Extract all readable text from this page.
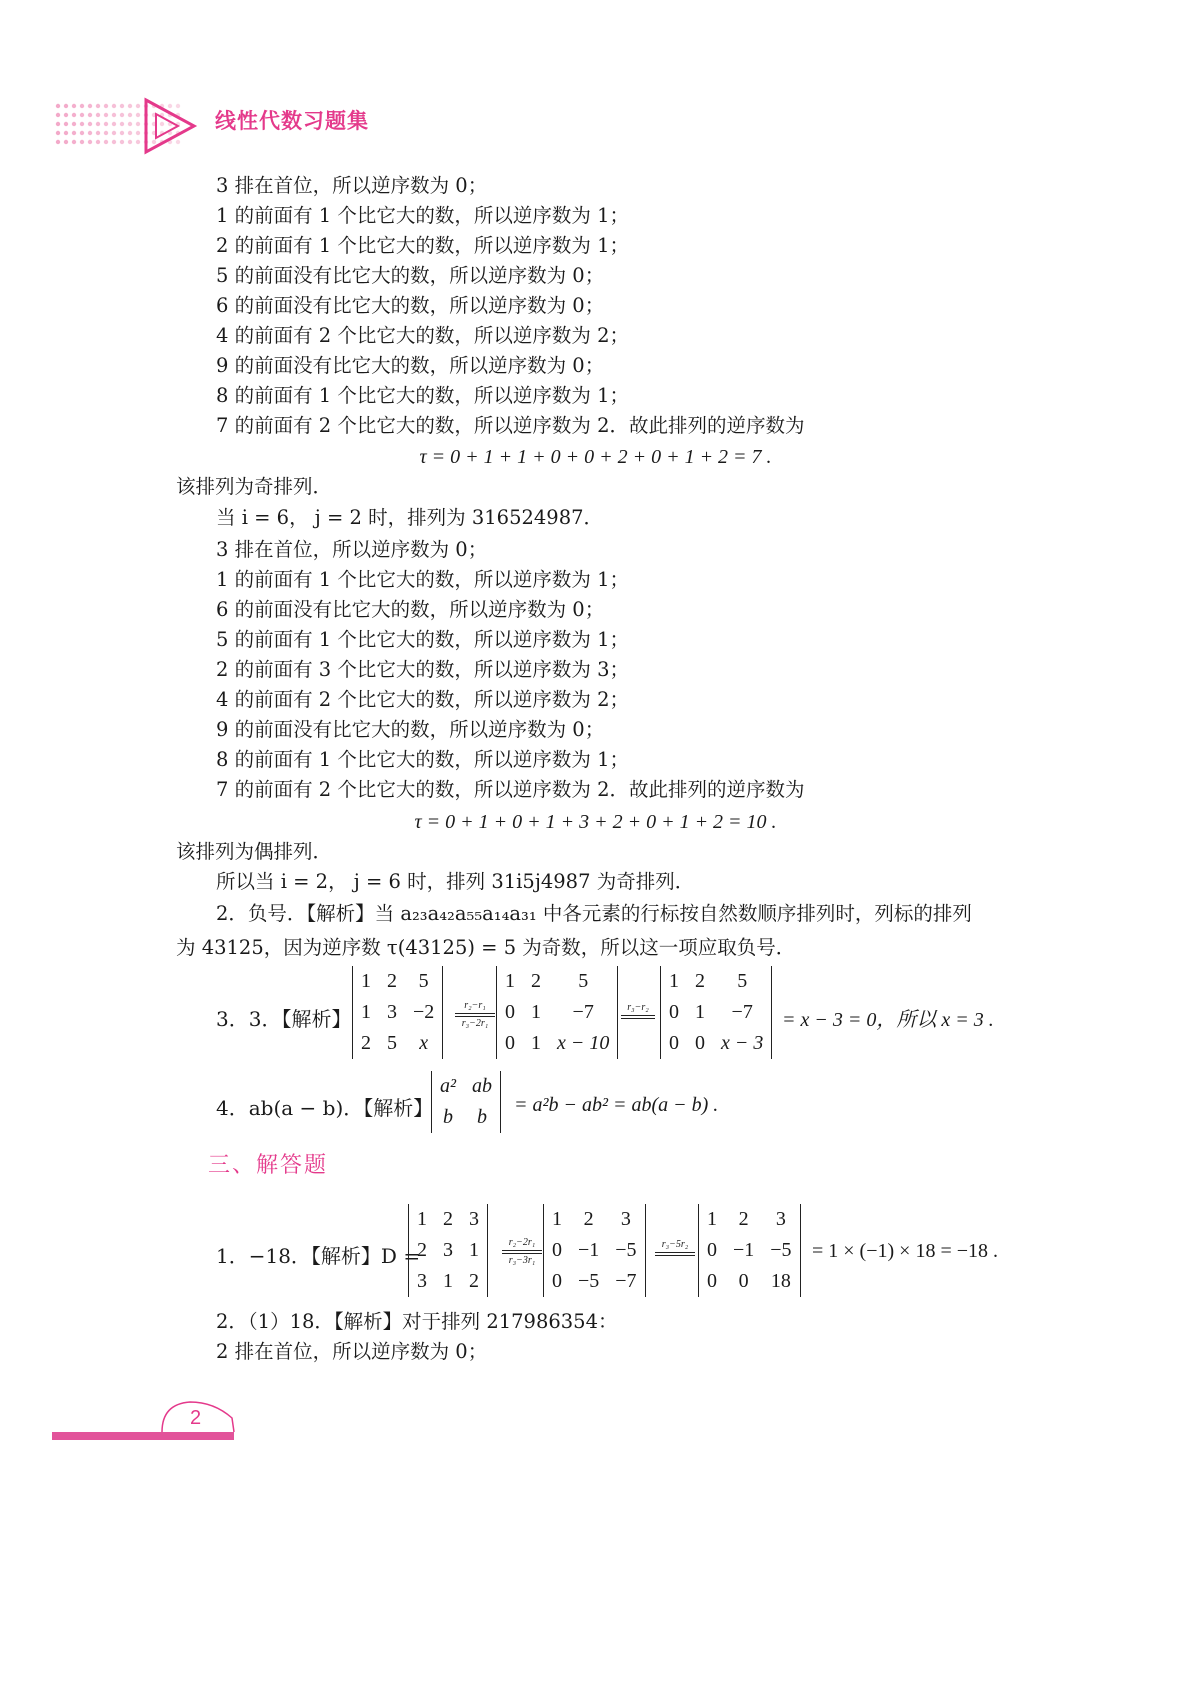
线性代数习题集
3 排在首位，所以逆序数为 0；
1 的前面有 1 个比它大的数，所以逆序数为 1；
2 的前面有 1 个比它大的数，所以逆序数为 1；
5 的前面没有比它大的数，所以逆序数为 0；
6 的前面没有比它大的数，所以逆序数为 0；
4 的前面有 2 个比它大的数，所以逆序数为 2；
9 的前面没有比它大的数，所以逆序数为 0；
8 的前面有 1 个比它大的数，所以逆序数为 1；
7 的前面有 2 个比它大的数，所以逆序数为 2．故此排列的逆序数为
τ = 0 + 1 + 1 + 0 + 0 + 2 + 0 + 1 + 2 = 7 .
该排列为奇排列．
当 i = 6， j = 2 时，排列为 316524987．
3 排在首位，所以逆序数为 0；
1 的前面有 1 个比它大的数，所以逆序数为 1；
6 的前面没有比它大的数，所以逆序数为 0；
5 的前面有 1 个比它大的数，所以逆序数为 1；
2 的前面有 3 个比它大的数，所以逆序数为 3；
4 的前面有 2 个比它大的数，所以逆序数为 2；
9 的前面没有比它大的数，所以逆序数为 0；
8 的前面有 1 个比它大的数，所以逆序数为 1；
7 的前面有 2 个比它大的数，所以逆序数为 2．故此排列的逆序数为
τ = 0 + 1 + 0 + 1 + 3 + 2 + 0 + 1 + 2 = 10 .
该排列为偶排列．
所以当 i = 2， j = 6 时，排列 31i5j4987 为奇排列．
2．负号．【解析】当 a₂₃a₄₂a₅₅a₁₄a₃₁ 中各元素的行标按自然数顺序排列时，列标的排列
为 43125，因为逆序数 τ(43125) = 5 为奇数，所以这一项应取负号．
3．3．【解析】
1	2	5
1	3	−2
2	5	x
r₂−r₁
r₃−2r₁
1	2	5
0	1	−7
0	1	x − 10
r₃−r₂
1	2	5
0	1	−7
0	0	x − 3
= x − 3 = 0，所以 x = 3 .
4．ab(a − b)．【解析】
a²	ab
b	b
= a²b − ab² = ab(a − b) .
三、解答题
1．−18．【解析】D =
1	2	3
2	3	1
3	1	2
r₂−2r₁
r₃−3r₁
1	2	3
0	−1	−5
0	−5	−7
r₃−5r₂
1	2	3
0	−1	−5
0	0	18
= 1 × (−1) × 18 = −18 .
2．（1）18．【解析】对于排列 217986354：
2 排在首位，所以逆序数为 0；
2
